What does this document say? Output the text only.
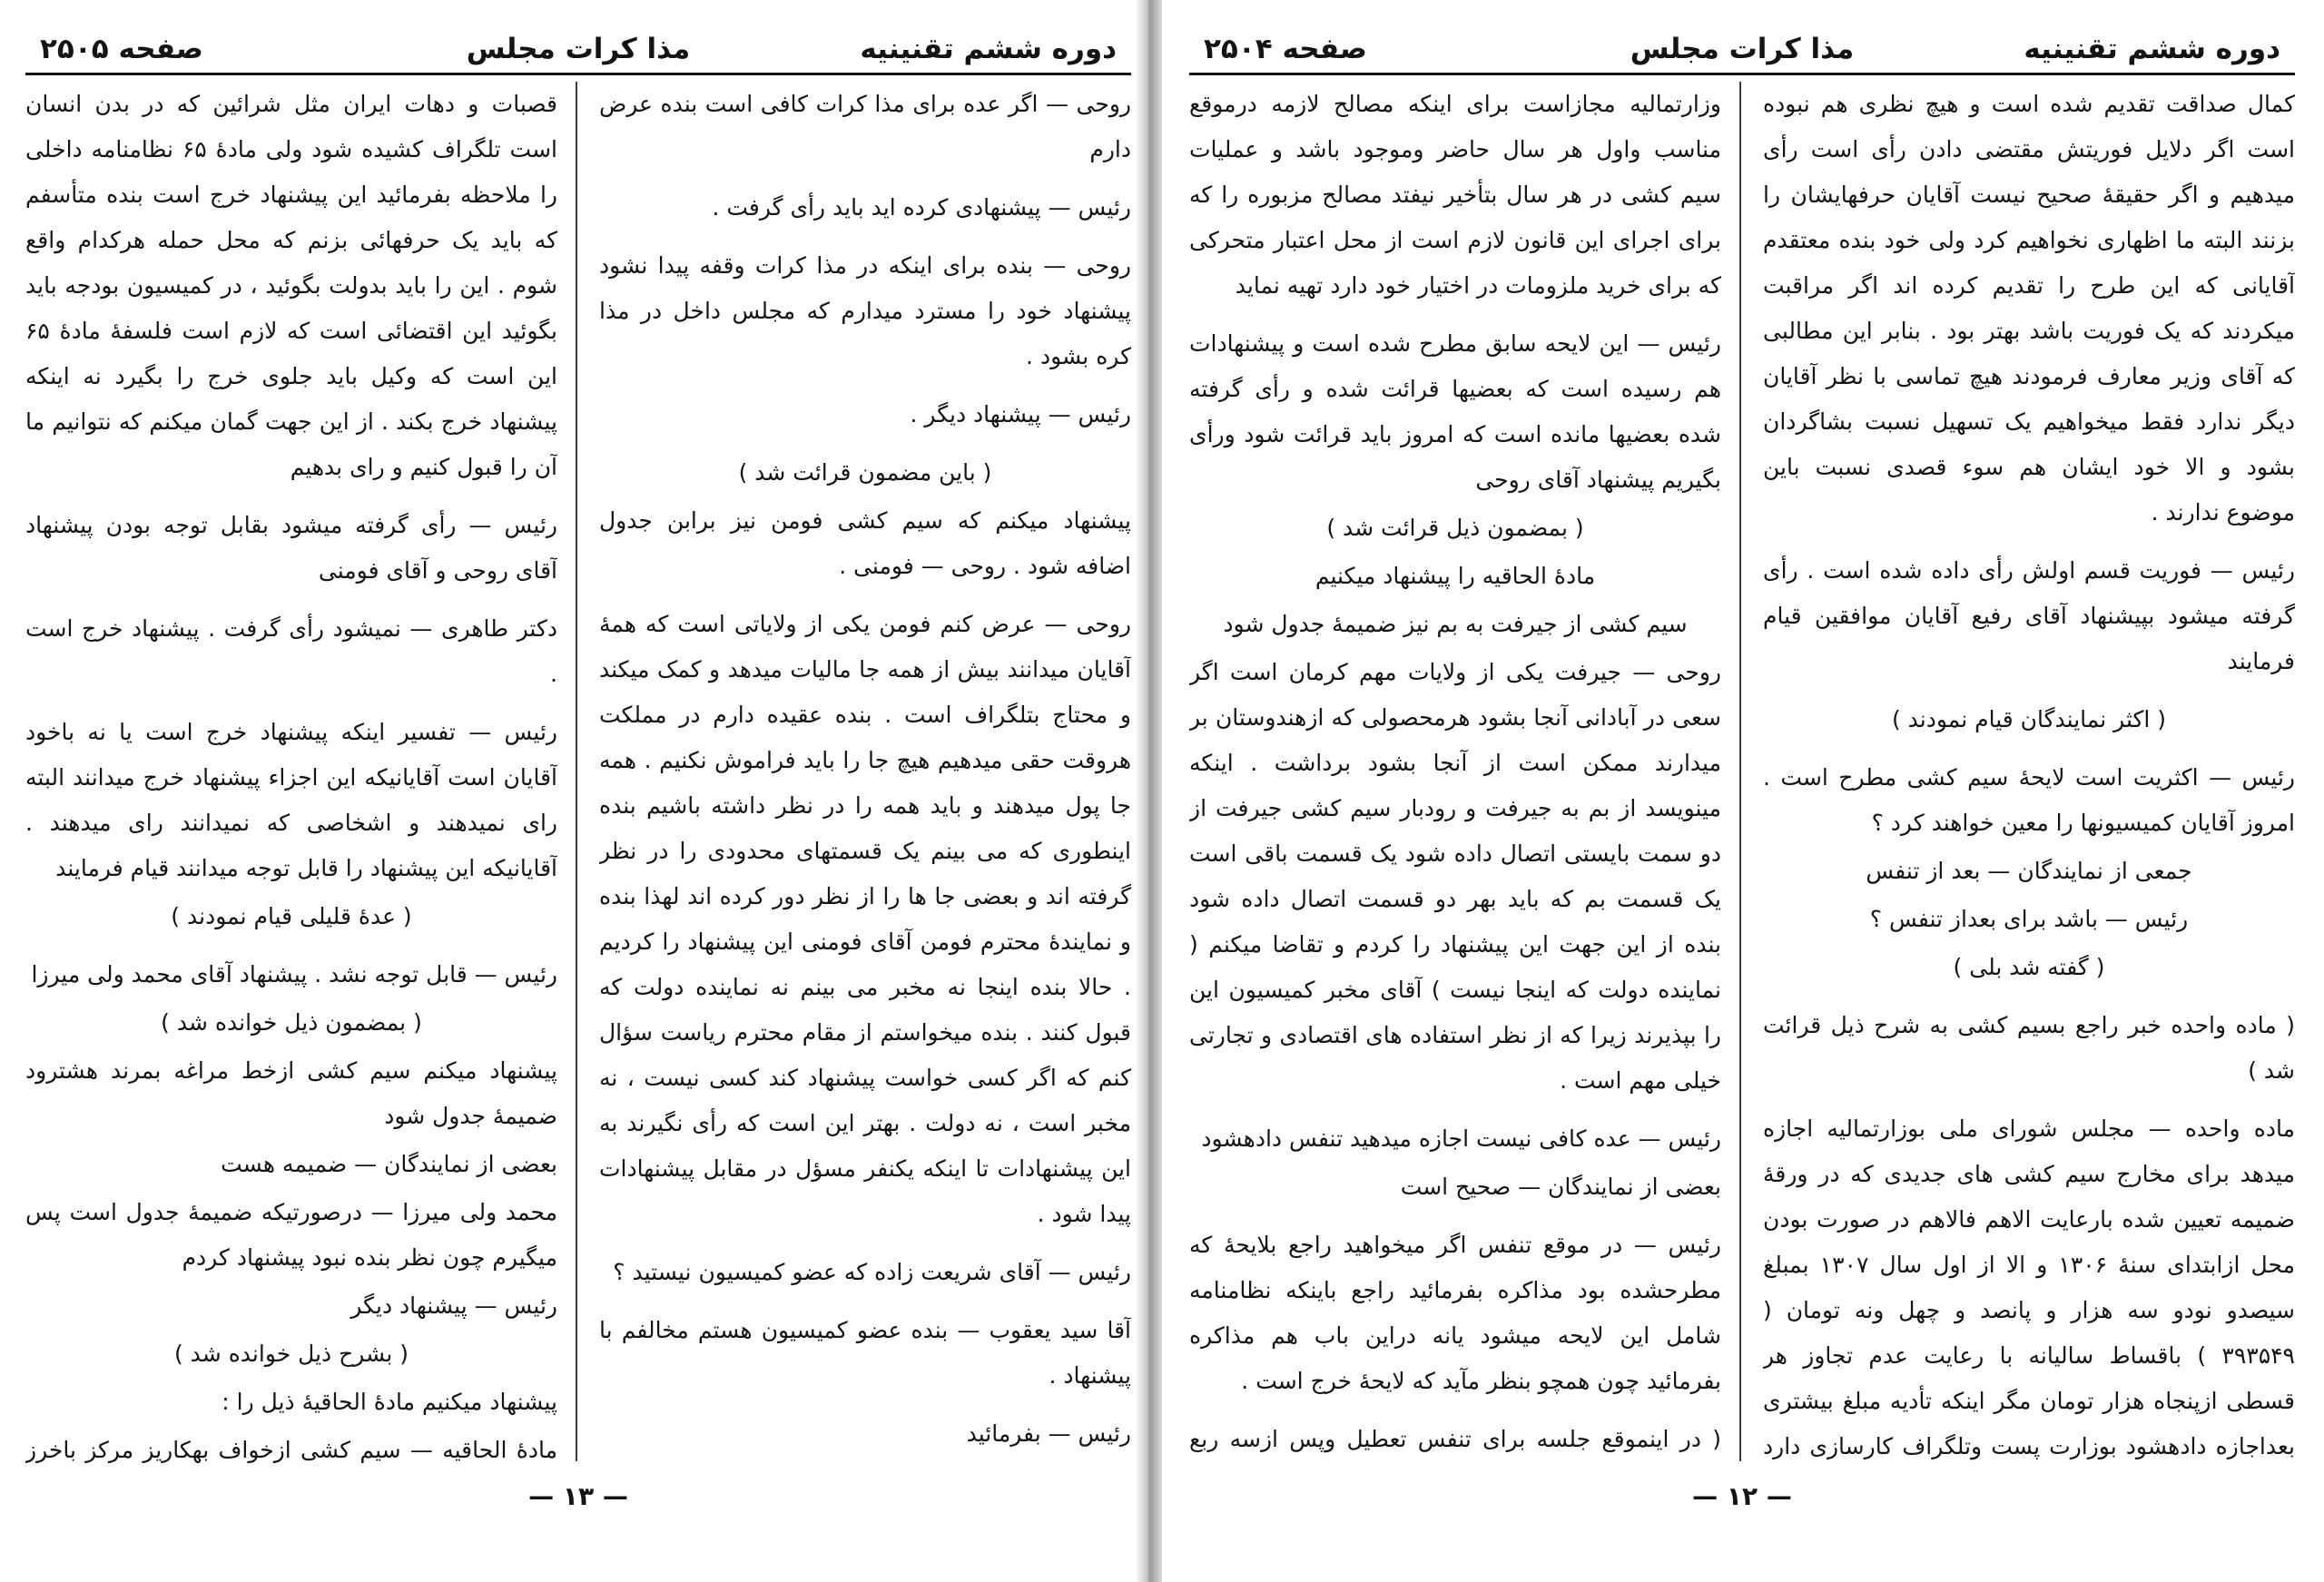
دوره ششم تقنینیه
مذا کرات مجلس
صفحه ۲۵۰۵

روحی — اگر عده برای مذا کرات کافی است بنده عرض دارم

رئیس — پیشنهادی کرده اید باید رأی گرفت .

روحی — بنده برای اینکه در مذا کرات وقفه پیدا نشود پیشنهاد خود را مسترد میدارم که مجلس داخل در مذا کره بشود .

رئیس — پیشنهاد دیگر .

( باین مضمون قرائت شد )

پیشنهاد میکنم که سیم کشی فومن نیز برابن جدول اضافه شود . روحی — فومنی .

روحی — عرض کنم فومن یکی از ولایاتی است که همهٔ آقایان میدانند بیش از همه جا مالیات میدهد و کمک میکند و محتاج بتلگراف است . بنده عقیده دارم در مملکت هروقت حقی میدهیم هیچ جا را باید فراموش نکنیم . همه جا پول میدهند و باید همه را در نظر داشته باشیم بنده اینطوری که می بینم یک قسمتهای محدودی را در نظر گرفته اند و بعضی جا ها را از نظر دور کرده اند لهذا بنده و نمایندهٔ محترم فومن آقای فومنی این پیشنهاد را کردیم . حالا بنده اینجا نه مخبر می بینم نه نماینده دولت که قبول کنند . بنده میخواستم از مقام محترم ریاست سؤال کنم که اگر کسی خواست پیشنهاد کند کسی نیست ، نه مخبر است ، نه دولت . بهتر این است که رأی نگیرند به این پیشنهادات تا اینکه یکنفر مسؤل در مقابل پیشنهادات پیدا شود .

رئیس — آقای شریعت زاده که عضو کمیسیون نیستید ؟

آقا سید یعقوب — بنده عضو کمیسیون هستم مخالفم با پیشنهاد .

رئیس — بفرمائید

قصبات و دهات ایران مثل شرائین که در بدن انسان است تلگراف کشیده شود ولی مادهٔ ۶۵ نظامنامه داخلی را ملاحظه بفرمائید این پیشنهاد خرج است بنده متأسفم که باید یک حرفهائی بزنم که محل حمله هرکدام واقع شوم . این را باید بدولت بگوئید ، در کمیسیون بودجه باید بگوئید این اقتضائی است که لازم است فلسفهٔ مادهٔ ۶۵ این است که وکیل باید جلوی خرج را بگیرد نه اینکه پیشنهاد خرج بکند . از این جهت گمان میکنم که نتوانیم ما آن را قبول کنیم و رای بدهیم

رئیس — رأی گرفته میشود بقابل توجه بودن پیشنهاد آقای روحی و آقای فومنی

دکتر طاهری — نمیشود رأی گرفت . پیشنهاد خرج است .

رئیس — تفسیر اینکه پیشنهاد خرج است یا نه باخود آقایان است آقایانیکه این اجزاء پیشنهاد خرج میدانند البته رای نمیدهند و اشخاصی که نمیدانند رای میدهند . آقایانیکه این پیشنهاد را قابل توجه میدانند قیام فرمایند

( عدهٔ قلیلی قیام نمودند )

رئیس — قابل توجه نشد . پیشنهاد آقای محمد ولی میرزا

( بمضمون ذیل خوانده شد )

پیشنهاد میکنم سیم کشی ازخط مراغه بمرند هشترود ضمیمهٔ جدول شود

بعضی از نمایندگان — ضمیمه هست

محمد ولی میرزا — درصورتیکه ضمیمهٔ جدول است پس میگیرم چون نظر بنده نبود پیشنهاد کردم

رئیس — پیشنهاد دیگر

( بشرح ذیل خوانده شد )

پیشنهاد میکنیم مادهٔ الحاقیهٔ ذیل را :

مادهٔ الحاقیه — سیم کشی ازخواف بهکاریز مرکز باخرز

— ۱۳ —
دوره ششم تقنینیه
مذا کرات مجلس
صفحه ۲۵۰۴

کمال صداقت تقدیم شده است و هیچ نظری هم نبوده است اگر دلایل فوریتش مقتضی دادن رأی است رأی میدهیم و اگر حقیقهٔ صحیح نیست آقایان حرفهایشان را بزنند البته ما اظهاری نخواهیم کرد ولی خود بنده معتقدم آقایانی که این طرح را تقدیم کرده اند اگر مراقبت میکردند که یک فوریت باشد بهتر بود . بنابر این مطالبی که آقای وزیر معارف فرمودند هیچ تماسی با نظر آقایان دیگر ندارد فقط میخواهیم یک تسهیل نسبت بشاگردان بشود و الا خود ایشان هم سوء قصدی نسبت باین موضوع ندارند .

رئیس — فوریت قسم اولش رأی داده شده است . رأی گرفته میشود بپیشنهاد آقای رفیع آقایان موافقین قیام فرمایند

( اکثر نمایندگان قیام نمودند )

رئیس — اکثریت است لایحهٔ سیم کشی مطرح است . امروز آقایان کمیسیونها را معین خواهند کرد ؟

جمعی از نمایندگان — بعد از تنفس

رئیس — باشد برای بعداز تنفس ؟

( گفته شد بلی )

( ماده واحده خبر راجع بسیم کشی به شرح ذیل قرائت شد )

ماده واحده — مجلس شورای ملی بوزارتمالیه اجازه میدهد برای مخارج سیم کشی های جدیدی که در ورقهٔ ضمیمه تعیین شده بارعایت الاهم فالاهم در صورت بودن محل ازابتدای سنهٔ ۱۳۰۶ و الا از اول سال ۱۳۰۷ بمبلغ سیصدو نودو سه هزار و پانصد و چهل ونه تومان ( ۳۹۳۵۴۹ ) باقساط سالیانه با رعایت عدم تجاوز هر قسطی ازپنجاه هزار تومان مگر اینکه تأدیه مبلغ بیشتری بعداجازه دادهشود بوزارت پست وتلگراف کارسازی دارد

وزارتمالیه مجازاست برای اینکه مصالح لازمه درموقع مناسب واول هر سال حاضر وموجود باشد و عملیات سیم کشی در هر سال بتأخیر نیفتد مصالح مزبوره را که برای اجرای این قانون لازم است از محل اعتبار متحرکی که برای خرید ملزومات در اختیار خود دارد تهیه نماید

رئیس — این لایحه سابق مطرح شده است و پیشنهادات هم رسیده است که بعضیها قرائت شده و رأی گرفته شده بعضیها مانده است که امروز باید قرائت شود ورأی بگیریم پیشنهاد آقای روحی

( بمضمون ذیل قرائت شد )

مادهٔ الحاقیه را پیشنهاد میکنیم

سیم کشی از جیرفت به بم نیز ضمیمهٔ جدول شود

روحی — جیرفت یکی از ولایات مهم کرمان است اگر سعی در آبادانی آنجا بشود هرمحصولی که ازهندوستان بر میدارند ممکن است از آنجا بشود برداشت . اینکه مینویسد از بم به جیرفت و رودبار سیم کشی جیرفت از دو سمت بایستی اتصال داده شود یک قسمت باقی است یک قسمت بم که باید بهر دو قسمت اتصال داده شود بنده از این جهت این پیشنهاد را کردم و تقاضا میکنم ( نماینده دولت که اینجا نیست ) آقای مخبر کمیسیون این را بپذیرند زیرا که از نظر استفاده های اقتصادی و تجارتی خیلی مهم است .

رئیس — عده کافی نیست اجازه میدهید تنفس دادهشود

بعضی از نمایندگان — صحیح است

رئیس — در موقع تنفس اگر میخواهید راجع بلایحهٔ که مطرحشده بود مذاکره بفرمائید راجع باینکه نظامنامه شامل این لایحه میشود یانه دراین باب هم مذاکره بفرمائید چون همچو بنظر مآید که لایحهٔ خرج است .

( در اینموقع جلسه برای تنفس تعطیل وپس ازسه ربع

— ۱۲ —
